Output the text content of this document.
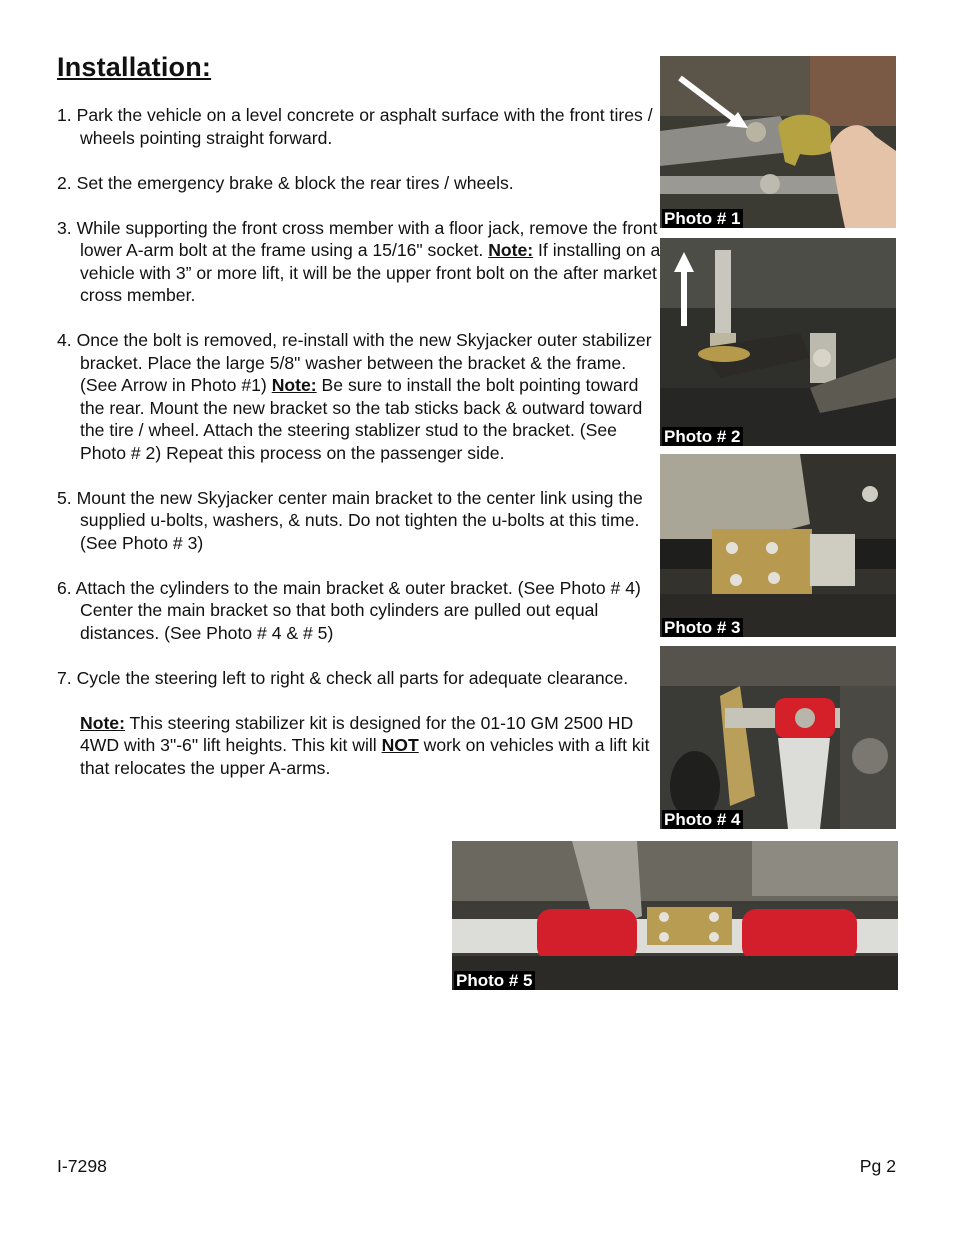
Installation:

1. Park the vehicle on a level concrete or asphalt surface with the front tires / wheels pointing straight forward.

2. Set the emergency brake & block the rear tires / wheels.

3. While supporting the front cross member with a floor jack, remove the front lower A-arm bolt at the frame using a 15/16" socket. Note: If installing on a vehicle with 3” or more lift, it will be the upper front bolt on the after market cross member.

4. Once the bolt is removed, re-install with the new Skyjacker outer stabilizer bracket. Place the large 5/8" washer between the bracket & the frame. (See Arrow in Photo #1) Note: Be sure to install the bolt pointing toward the rear. Mount the new bracket so the tab sticks back & outward toward the tire / wheel. Attach the steering stablizer stud to the bracket. (See Photo # 2) Repeat this process on the passenger side.

5. Mount the new Skyjacker center main bracket to the center link using the supplied u-bolts, washers, & nuts. Do not tighten the u-bolts at this time. (See Photo # 3)

6. Attach the cylinders to the main bracket & outer bracket. (See Photo # 4) Center the main bracket so that both cylinders are pulled out equal distances. (See Photo # 4 & # 5)

7. Cycle the steering left to right & check all parts for adequate clearance.

Note: This steering stabilizer kit is designed for the 01-10 GM 2500 HD 4WD with 3"-6" lift heights. This kit will NOT work on vehicles with a lift kit that relocates the upper A-arms.

Photo # 1
Photo # 2
Photo # 3
Photo # 4
Photo # 5
I-7298	Pg 2
